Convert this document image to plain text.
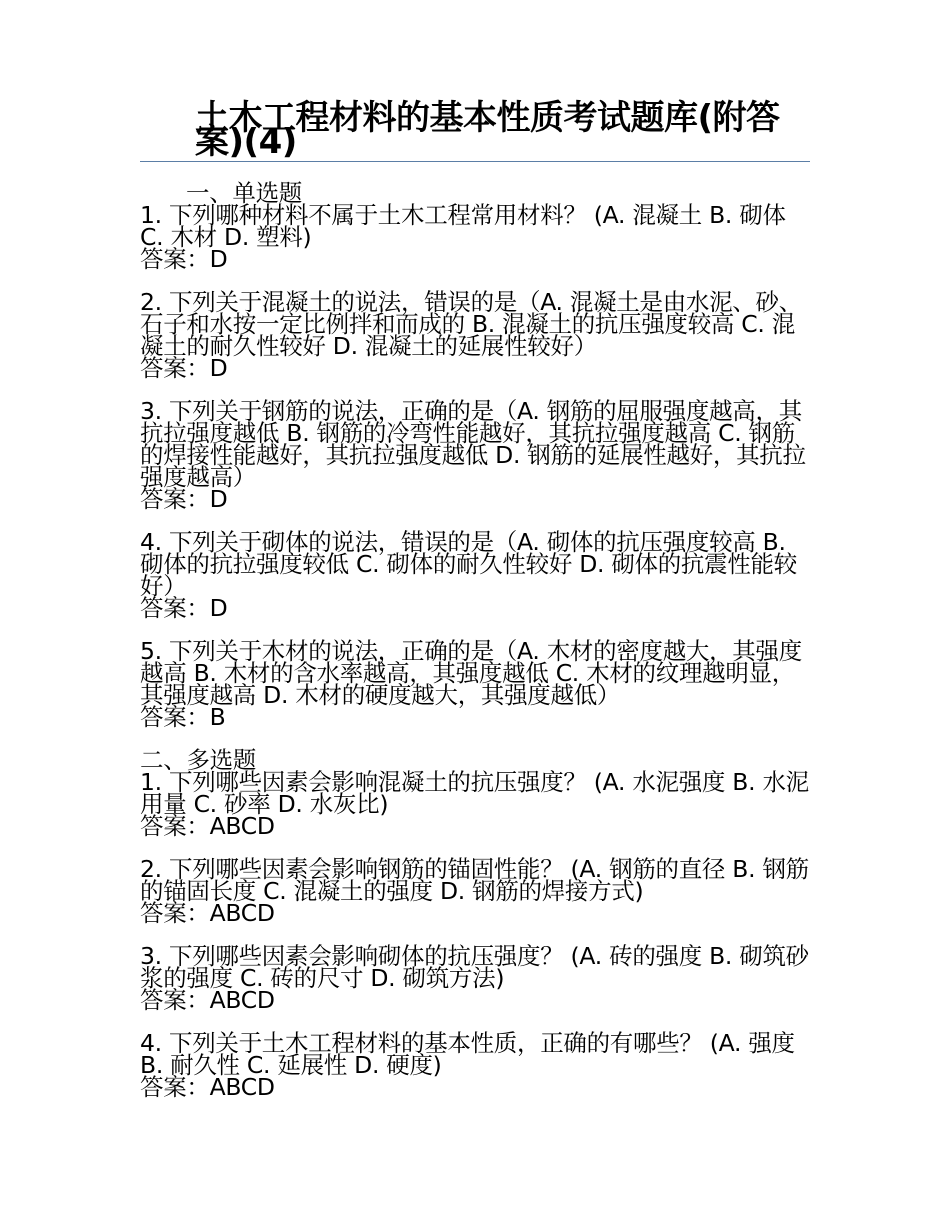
土木工程材料的基本性质考试题库(附答案)(4)

一、单选题

1. 下列哪种材料不属于土木工程常用材料？ (A. 混凝土 B. 砌体 C. 木材 D. 塑料)

答案：D

2. 下列关于混凝土的说法，错误的是（A. 混凝土是由水泥、砂、石子和水按一定比例拌和而成的 B. 混凝土的抗压强度较高 C. 混凝土的耐久性较好 D. 混凝土的延展性较好）

答案：D

3. 下列关于钢筋的说法，正确的是（A. 钢筋的屈服强度越高，其抗拉强度越低 B. 钢筋的冷弯性能越好，其抗拉强度越高 C. 钢筋的焊接性能越好，其抗拉强度越低 D. 钢筋的延展性越好，其抗拉强度越高）

答案：D

4. 下列关于砌体的说法，错误的是（A. 砌体的抗压强度较高 B. 砌体的抗拉强度较低 C. 砌体的耐久性较好 D. 砌体的抗震性能较好）

答案：D

5. 下列关于木材的说法，正确的是（A. 木材的密度越大，其强度越高 B. 木材的含水率越高，其强度越低 C. 木材的纹理越明显，其强度越高 D. 木材的硬度越大，其强度越低）

答案：B

二、多选题

1. 下列哪些因素会影响混凝土的抗压强度？ (A. 水泥强度 B. 水泥用量 C. 砂率 D. 水灰比)

答案：ABCD

2. 下列哪些因素会影响钢筋的锚固性能？ (A. 钢筋的直径 B. 钢筋的锚固长度 C. 混凝土的强度 D. 钢筋的焊接方式)

答案：ABCD

3. 下列哪些因素会影响砌体的抗压强度？ (A. 砖的强度 B. 砌筑砂浆的强度 C. 砖的尺寸 D. 砌筑方法)

答案：ABCD

4. 下列关于土木工程材料的基本性质，正确的有哪些？ (A. 强度 B. 耐久性 C. 延展性 D. 硬度)

答案：ABCD
